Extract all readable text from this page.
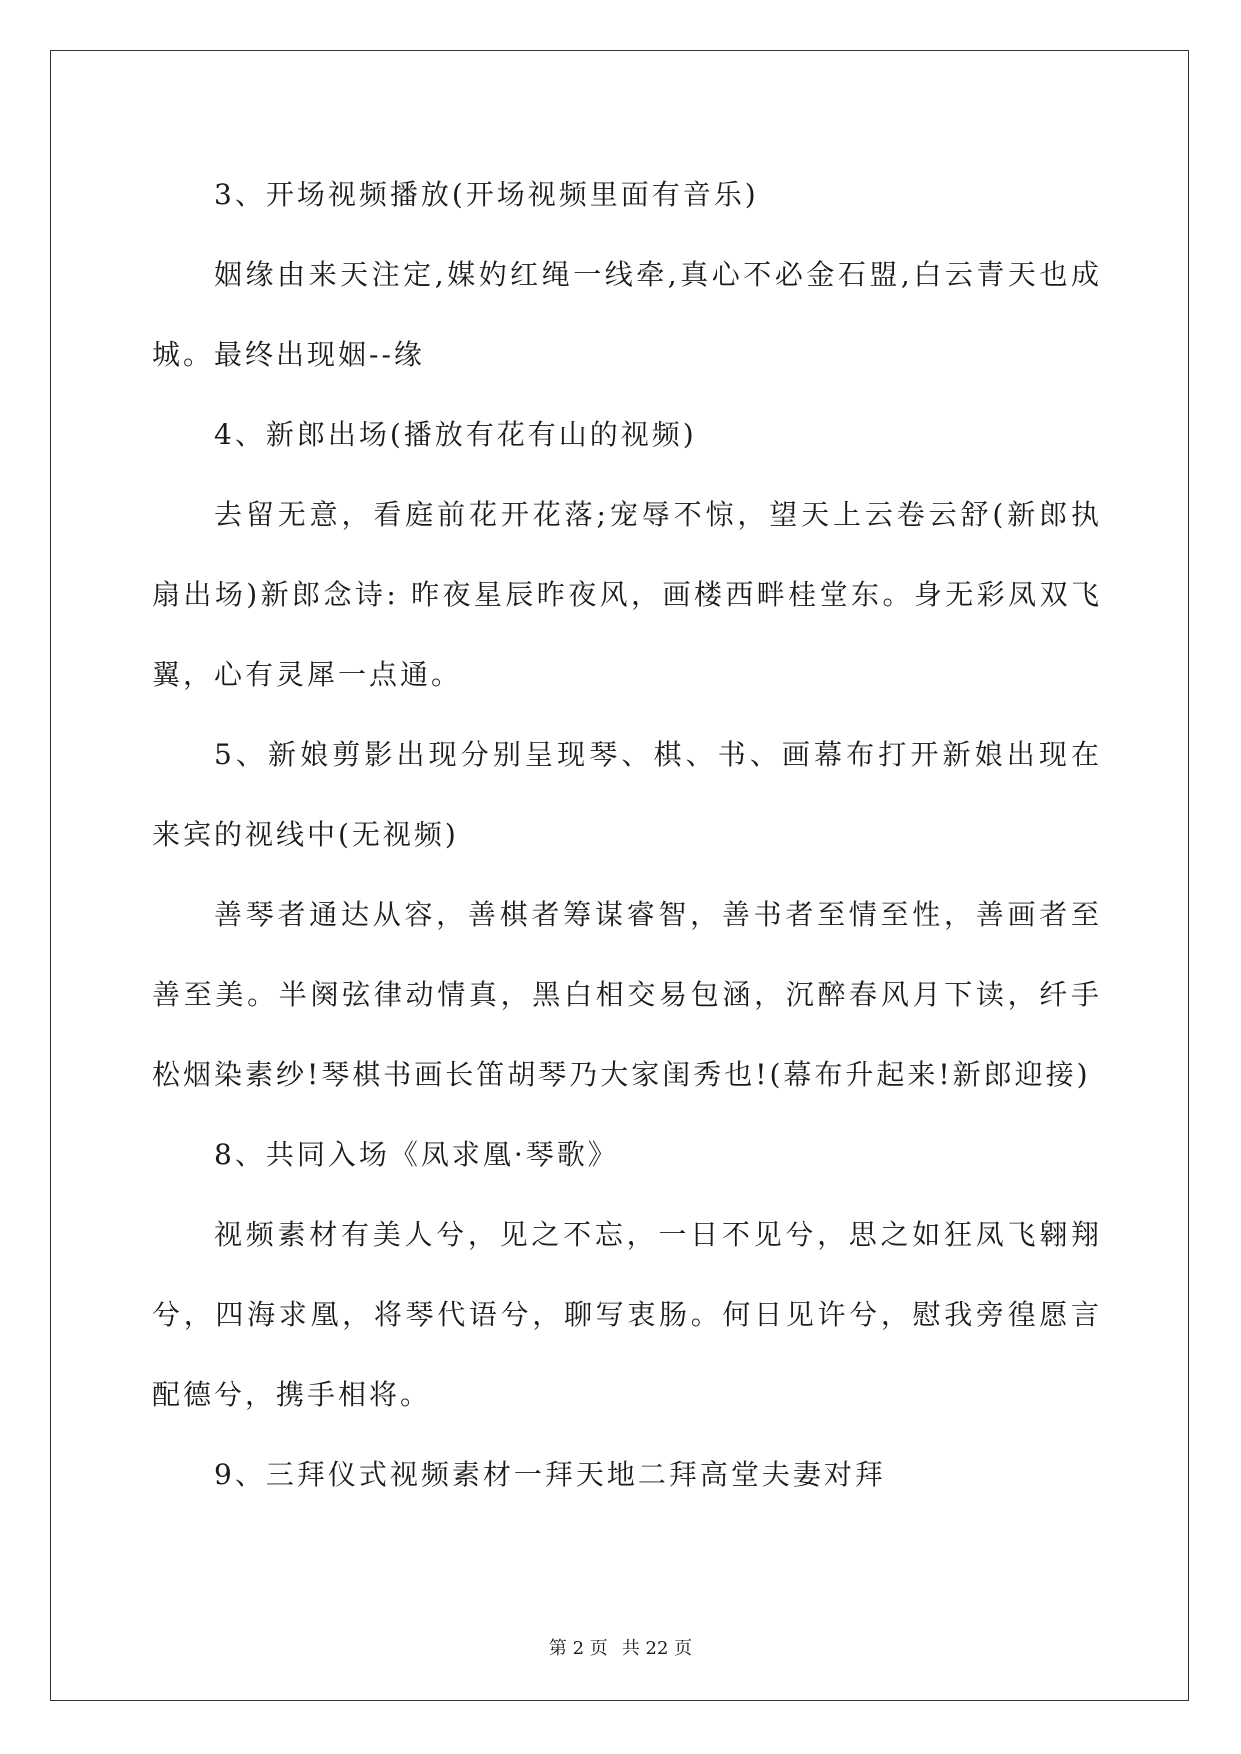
3、开场视频播放(开场视频里面有音乐)

姻缘由来天注定,媒妁红绳一线牵,真心不必金石盟,白云青天也成城。最终出现姻--缘

4、新郎出场(播放有花有山的视频)

去留无意，看庭前花开花落;宠辱不惊，望天上云卷云舒(新郎执扇出场)新郎念诗: 昨夜星辰昨夜风，画楼西畔桂堂东。身无彩凤双飞翼，心有灵犀一点通。

5、新娘剪影出现分别呈现琴、棋、书、画幕布打开新娘出现在来宾的视线中(无视频)

善琴者通达从容，善棋者筹谋睿智，善书者至情至性，善画者至善至美。半阕弦律动情真，黑白相交易包涵，沉醉春风月下读，纤手松烟染素纱!琴棋书画长笛胡琴乃大家闺秀也!(幕布升起来!新郎迎接)

8、共同入场《凤求凰·琴歌》

视频素材有美人兮，见之不忘，一日不见兮，思之如狂凤飞翱翔兮，四海求凰，将琴代语兮，聊写衷肠。何日见许兮，慰我旁徨愿言配德兮，携手相将。

9、三拜仪式视频素材一拜天地二拜高堂夫妻对拜

第 2 页 共 22 页
